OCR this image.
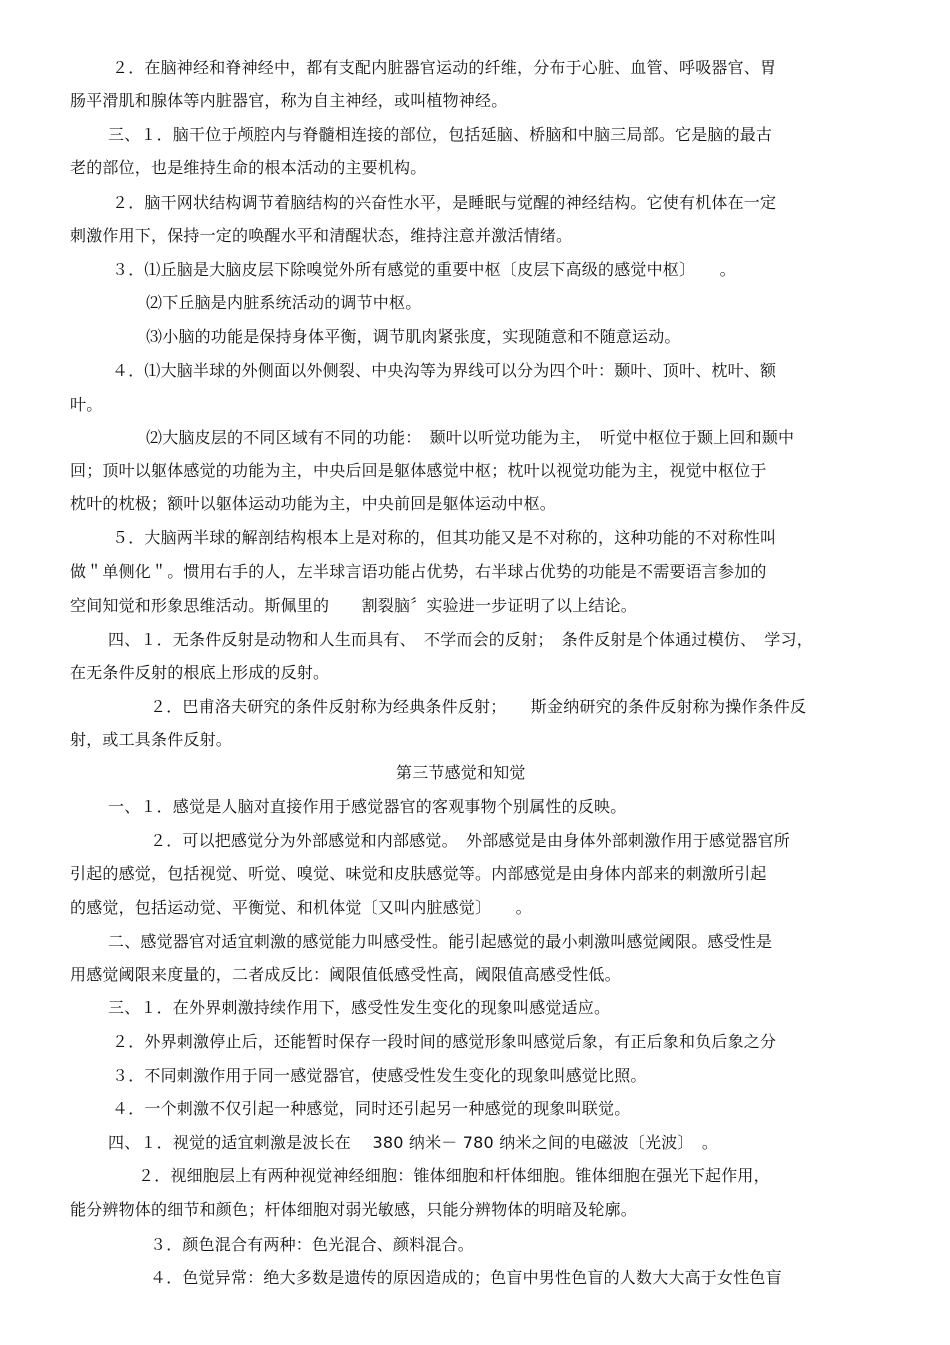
２．在脑神经和脊神经中，都有支配内脏器官运动的纤维，分布于心脏、血管、呼吸器官、胃
肠平滑肌和腺体等内脏器官，称为自主神经，或叫植物神经。
三、１．脑干位于颅腔内与脊髓相连接的部位，包括延脑、桥脑和中脑三局部。它是脑的最古
老的部位，也是维持生命的根本活动的主要机构。
２．脑干网状结构调节着脑结构的兴奋性水平，是睡眠与觉醒的神经结构。它使有机体在一定
刺激作用下，保持一定的唤醒水平和清醒状态，维持注意并激活情绪。
３．⑴丘脑是大脑皮层下除嗅觉外所有感觉的重要中枢〔皮层下高级的感觉中枢〕　　。
⑵下丘脑是内脏系统活动的调节中枢。
⑶小脑的功能是保持身体平衡，调节肌肉紧张度，实现随意和不随意运动。
４．⑴大脑半球的外侧面以外侧裂、中央沟等为界线可以分为四个叶：颞叶、顶叶、枕叶、额
叶。
⑵大脑皮层的不同区域有不同的功能：　颞叶以听觉功能为主，　听觉中枢位于颞上回和颞中
回；顶叶以躯体感觉的功能为主，中央后回是躯体感觉中枢；枕叶以视觉功能为主，视觉中枢位于
枕叶的枕极；额叶以躯体运动功能为主，中央前回是躯体运动中枢。
５．大脑两半球的解剖结构根本上是对称的，但其功能又是不对称的，这种功能的不对称性叫
做＂单侧化＂。惯用右手的人，左半球言语功能占优势，右半球占优势的功能是不需要语言参加的
空间知觉和形象思维活动。斯佩里的　　割裂脑〞实验进一步证明了以上结论。
四、１．无条件反射是动物和人生而具有、　不学而会的反射；　条件反射是个体通过模仿、　学习，
在无条件反射的根底上形成的反射。
２．巴甫洛夫研究的条件反射称为经典条件反射；　　斯金纳研究的条件反射称为操作条件反
射，或工具条件反射。
第三节感觉和知觉
一、１．感觉是人脑对直接作用于感觉器官的客观事物个别属性的反映。
２．可以把感觉分为外部感觉和内部感觉。　外部感觉是由身体外部刺激作用于感觉器官所
引起的感觉，包括视觉、听觉、嗅觉、味觉和皮肤感觉等。内部感觉是由身体内部来的刺激所引起
的感觉，包括运动觉、平衡觉、和机体觉〔又叫内脏感觉〕　　。
二、感觉器官对适宜刺激的感觉能力叫感受性。能引起感觉的最小刺激叫感觉阈限。感受性是
用感觉阈限来度量的，二者成反比：阈限值低感受性高，阈限值高感受性低。
三、１．在外界刺激持续作用下，感受性发生变化的现象叫感觉适应。
２．外界刺激停止后，还能暂时保存一段时间的感觉形象叫感觉后象，有正后象和负后象之分
３．不同刺激作用于同一感觉器官，使感受性发生变化的现象叫感觉比照。
４．一个刺激不仅引起一种感觉，同时还引起另一种感觉的现象叫联觉。
四、１．视觉的适宜刺激是波长在　 380 纳米－ 780 纳米之间的电磁波〔光波〕　。
２．视细胞层上有两种视觉神经细胞：锥体细胞和杆体细胞。锥体细胞在强光下起作用，
能分辨物体的细节和颜色；杆体细胞对弱光敏感，只能分辨物体的明暗及轮廓。
３．颜色混合有两种：色光混合、颜料混合。
４．色觉异常：绝大多数是遗传的原因造成的；色盲中男性色盲的人数大大高于女性色盲
